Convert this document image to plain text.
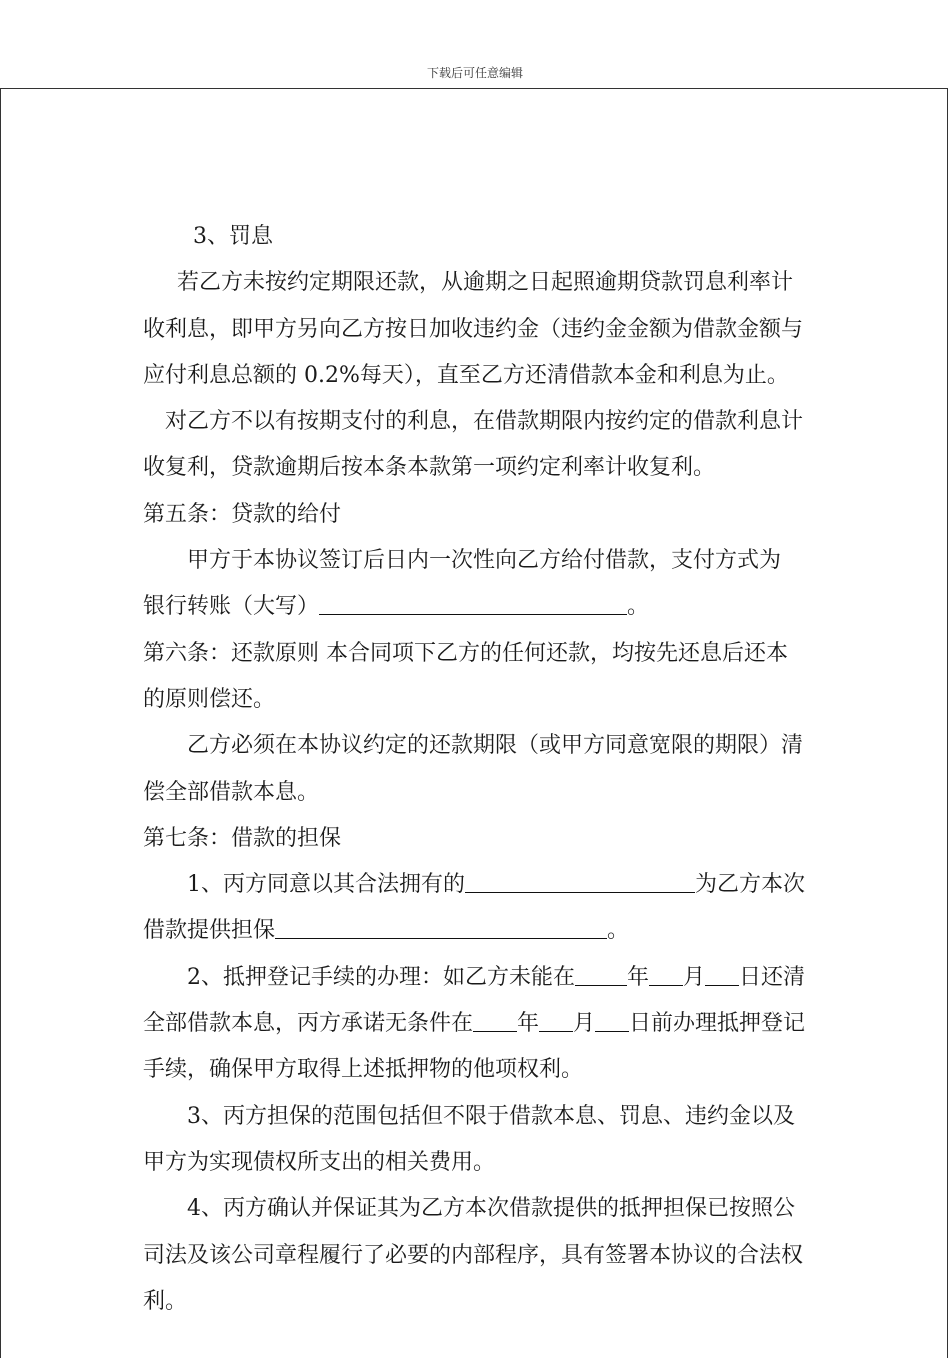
下载后可任意编辑

3、罚息

若乙方未按约定期限还款，从逾期之日起照逾期贷款罚息利率计收利息，即甲方另向乙方按日加收违约金（违约金金额为借款金额与应付利息总额的 0.2%每天），直至乙方还清借款本金和利息为止。

对乙方不以有按期支付的利息，在借款期限内按约定的借款利息计收复利，贷款逾期后按本条本款第一项约定利率计收复利。

第五条：贷款的给付

甲方于本协议签订后日内一次性向乙方给付借款，支付方式为

银行转账（大写）	。

第六条：还款原则 本合同项下乙方的任何还款，均按先还息后还本的原则偿还。

乙方必须在本协议约定的还款期限（或甲方同意宽限的期限）清偿全部借款本息。

第七条：借款的担保

1、丙方同意以其合法拥有的	为乙方本次借款提供担保	。

2、抵押登记手续的办理：如乙方未能在 年 月 日还清全部借款本息，丙方承诺无条件在 年 月 日前办理抵押登记手续，确保甲方取得上述抵押物的他项权利。

3、丙方担保的范围包括但不限于借款本息、罚息、违约金以及甲方为实现债权所支出的相关费用。

4、丙方确认并保证其为乙方本次借款提供的抵押担保已按照公司法及该公司章程履行了必要的内部程序，具有签署本协议的合法权利。
